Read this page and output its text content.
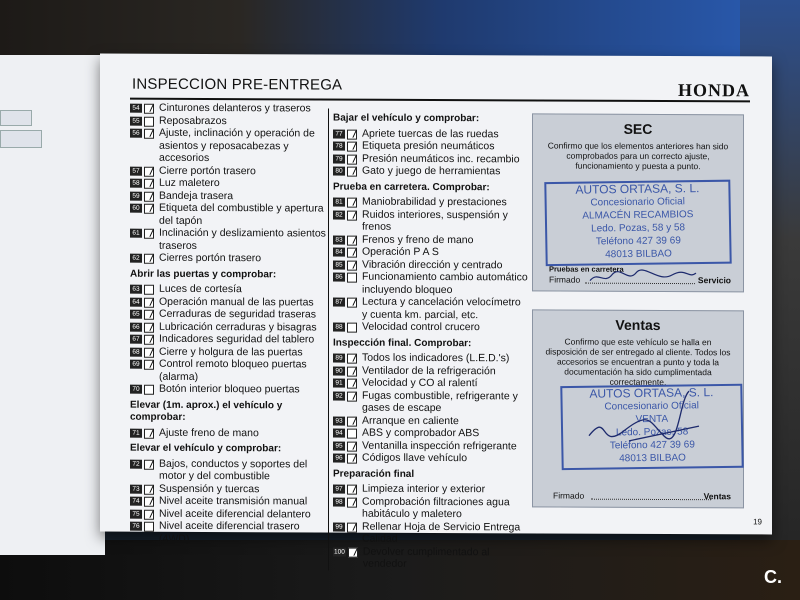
INSPECCION PRE-ENTREGA	HONDA
54 Cinturones delanteros y traseros
55 Reposabrazos
56 Ajuste, inclinación y operación de asientos y reposacabezas y accesorios
57 Cierre portón trasero
58 Luz maletero
59 Bandeja trasera
60 Etiqueta del combustible y apertura del tapón
61 Inclinación y deslizamiento asientos traseros
62 Cierres portón trasero
Abrir las puertas y comprobar:
63 Luces de cortesía
64 Operación manual de las puertas
65 Cerraduras de seguridad traseras
66 Lubricación cerraduras y bisagras
67 Indicadores seguridad del tablero
68 Cierre y holgura de las puertas
69 Control remoto bloqueo puertas (alarma)
70 Botón interior bloqueo puertas
Elevar (1m. aprox.) el vehículo y comprobar:
71 Ajuste freno de mano
Elevar el vehículo y comprobar:
72 Bajos, conductos y soportes del motor y del combustible
73 Suspensión y tuercas
74 Nivel aceite transmisión manual
75 Nivel aceite diferencial delantero
76 Nivel aceite diferencial trasero (4WD)
Bajar el vehículo y comprobar:
77 Apriete tuercas de las ruedas
78 Etiqueta presión neumáticos
79 Presión neumáticos inc. recambio
80 Gato y juego de herramientas
Prueba en carretera. Comprobar:
81 Maniobrabilidad y prestaciones
82 Ruidos interiores, suspensión y frenos
83 Frenos y freno de mano
84 Operación P A S
85 Vibración dirección y centrado
86 Funcionamiento cambio automático incluyendo bloqueo
87 Lectura y cancelación velocímetro y cuenta km. parcial, etc.
88 Velocidad control crucero
Inspección final. Comprobar:
89 Todos los indicadores (L.E.D.'s)
90 Ventilador de la refrigeración
91 Velocidad y CO al ralentí
92 Fugas combustible, refrigerante y gases de escape
93 Arranque en caliente
94 ABS y comprobador ABS
95 Ventanilla inspección refrigerante
96 Códigos llave vehículo
Preparación final
97 Limpieza interior y exterior
98 Comprobación filtraciones agua habitáculo y maletero
99 Rellenar Hoja de Servicio Entrega Calidad
100 Devolver cumplimentado al vendedor
SEC
Confirmo que los elementos anteriores han sido comprobados para un correcto ajuste, funcionamiento y puesta a punto.
AUTOS ORTASA, S. L.
Concesionario Oficial
ALMACÉN RECAMBIOS
Ledo. Pozas, 58 y 58
Teléfono 427 39 69
48013 BILBAO
Pruebas en carretera
Firmado	Servicio
Ventas
Confirmo que este vehículo se halla en disposición de ser entregado al cliente. Todos los accesorios se encuentran a punto y toda la documentación ha sido cumplimentada correctamente.
AUTOS ORTASA, S. L.
Concesionario Oficial
VENTA
Ledo. Pozas, 58
Teléfono 427 39 69
48013 BILBAO
Firmado	Ventas
19
C.
